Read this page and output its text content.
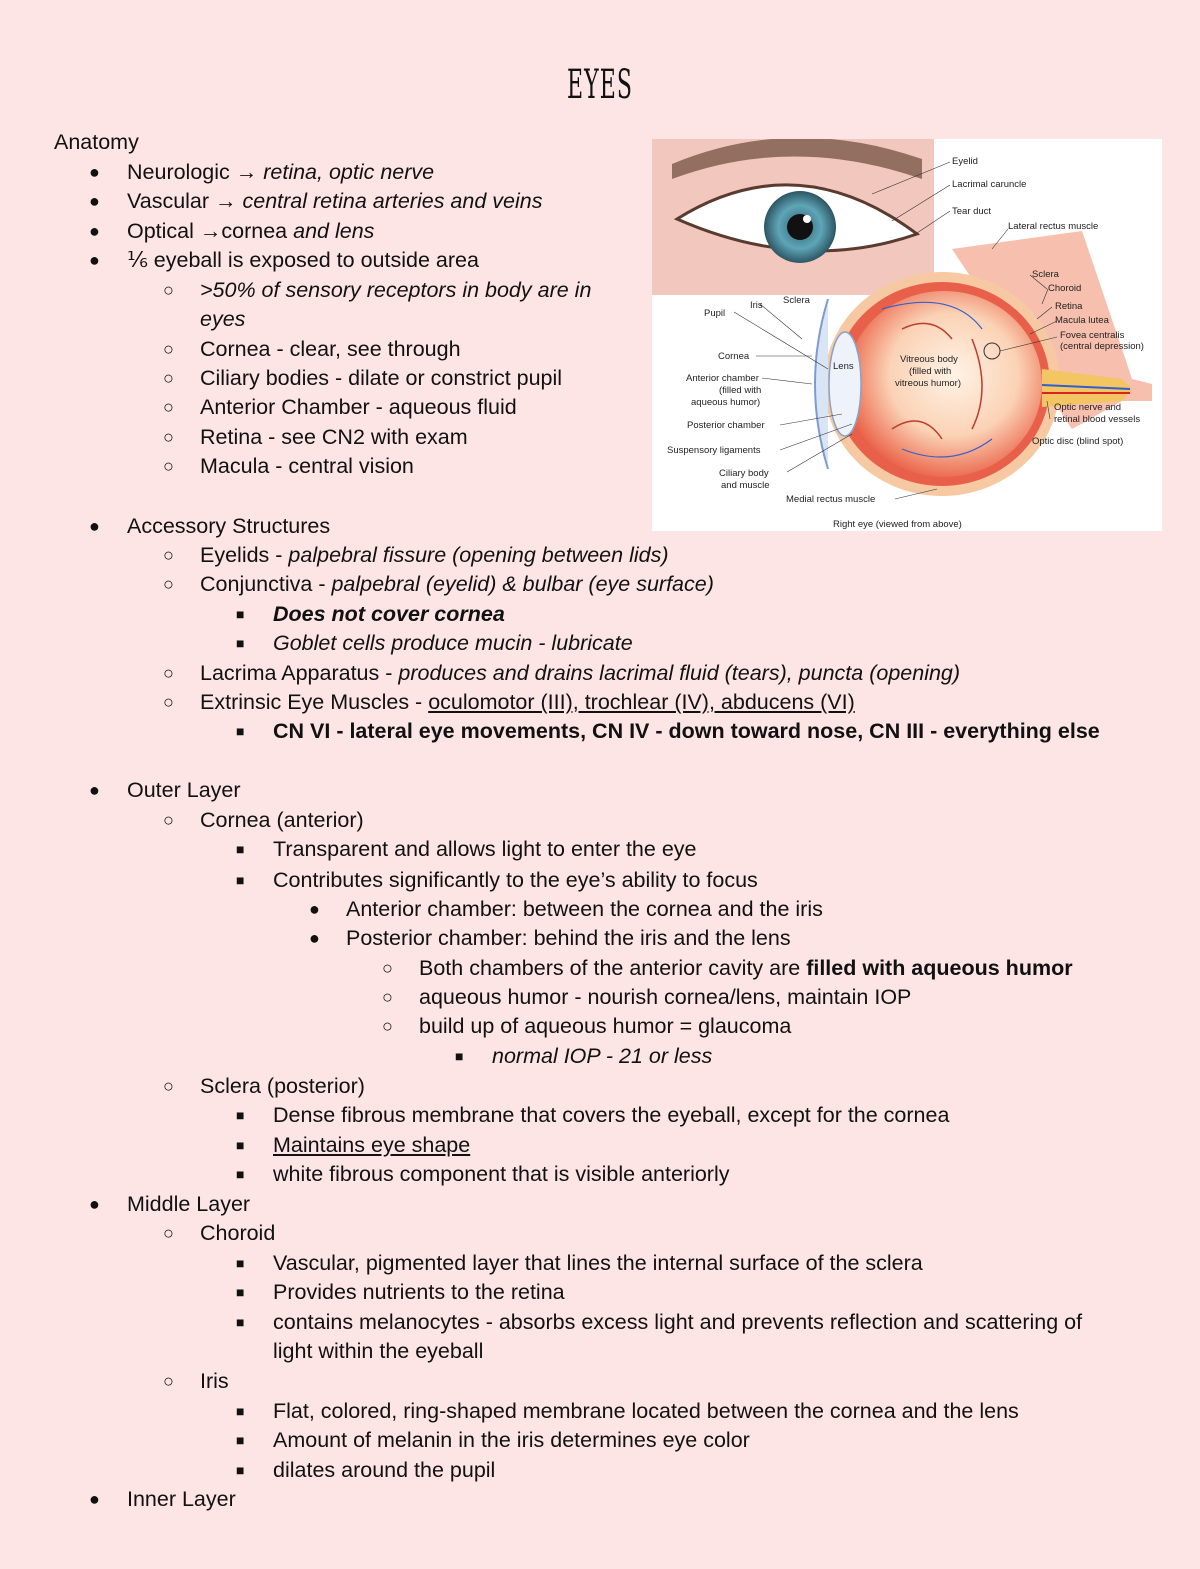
EYES
Anatomy
● Neurologic → retina, optic nerve
● Vascular → central retina arteries and veins
● Optical →cornea and lens
● ⅙ eyeball is exposed to outside area
○ >50% of sensory receptors in body are in
eyes
○ Cornea - clear, see through
○ Ciliary bodies - dilate or constrict pupil
○ Anterior Chamber - aqueous fluid
○ Retina - see CN2 with exam
○ Macula - central vision
Eyelid
Lacrimal caruncle
Tear duct
Lateral rectus muscle
Sclera
Choroid
Retina
Macula lutea
Fovea centralis
(central depression)
Iris Sclera
Pupil
Cornea
Lens
Vitreous body
(filled with
vitreous humor)
Anterior chamber
(filled with
aqueous humor)	Optic nerve and
retinal blood vessels
Posterior chamber
Optic disc (blind spot)
Suspensory ligaments
Ciliary body
and muscle
Medial rectus muscle
Right eye (viewed from above)
● Accessory Structures
○ Eyelids - palpebral fissure (opening between lids)
○ Conjunctiva - palpebral (eyelid) & bulbar (eye surface)
■ Does not cover cornea
■ Goblet cells produce mucin - lubricate
○ Lacrima Apparatus - produces and drains lacrimal fluid (tears), puncta (opening)
○ Extrinsic Eye Muscles - oculomotor (III), trochlear (IV), abducens (VI)
■ CN VI - lateral eye movements, CN IV - down toward nose, CN III - everything else
● Outer Layer
○ Cornea (anterior)
■ Transparent and allows light to enter the eye
■ Contributes significantly to the eye’s ability to focus
● Anterior chamber: between the cornea and the iris
● Posterior chamber: behind the iris and the lens
○ Both chambers of the anterior cavity are filled with aqueous humor
○ aqueous humor - nourish cornea/lens, maintain IOP
○ build up of aqueous humor = glaucoma
■ normal IOP - 21 or less
○ Sclera (posterior)
■ Dense fibrous membrane that covers the eyeball, except for the cornea
■ Maintains eye shape
■ white fibrous component that is visible anteriorly
● Middle Layer
○ Choroid
■ Vascular, pigmented layer that lines the internal surface of the sclera
■ Provides nutrients to the retina
■ contains melanocytes - absorbs excess light and prevents reflection and scattering of
light within the eyeball
○ Iris
■ Flat, colored, ring-shaped membrane located between the cornea and the lens
■ Amount of melanin in the iris determines eye color
■ dilates around the pupil
● Inner Layer
